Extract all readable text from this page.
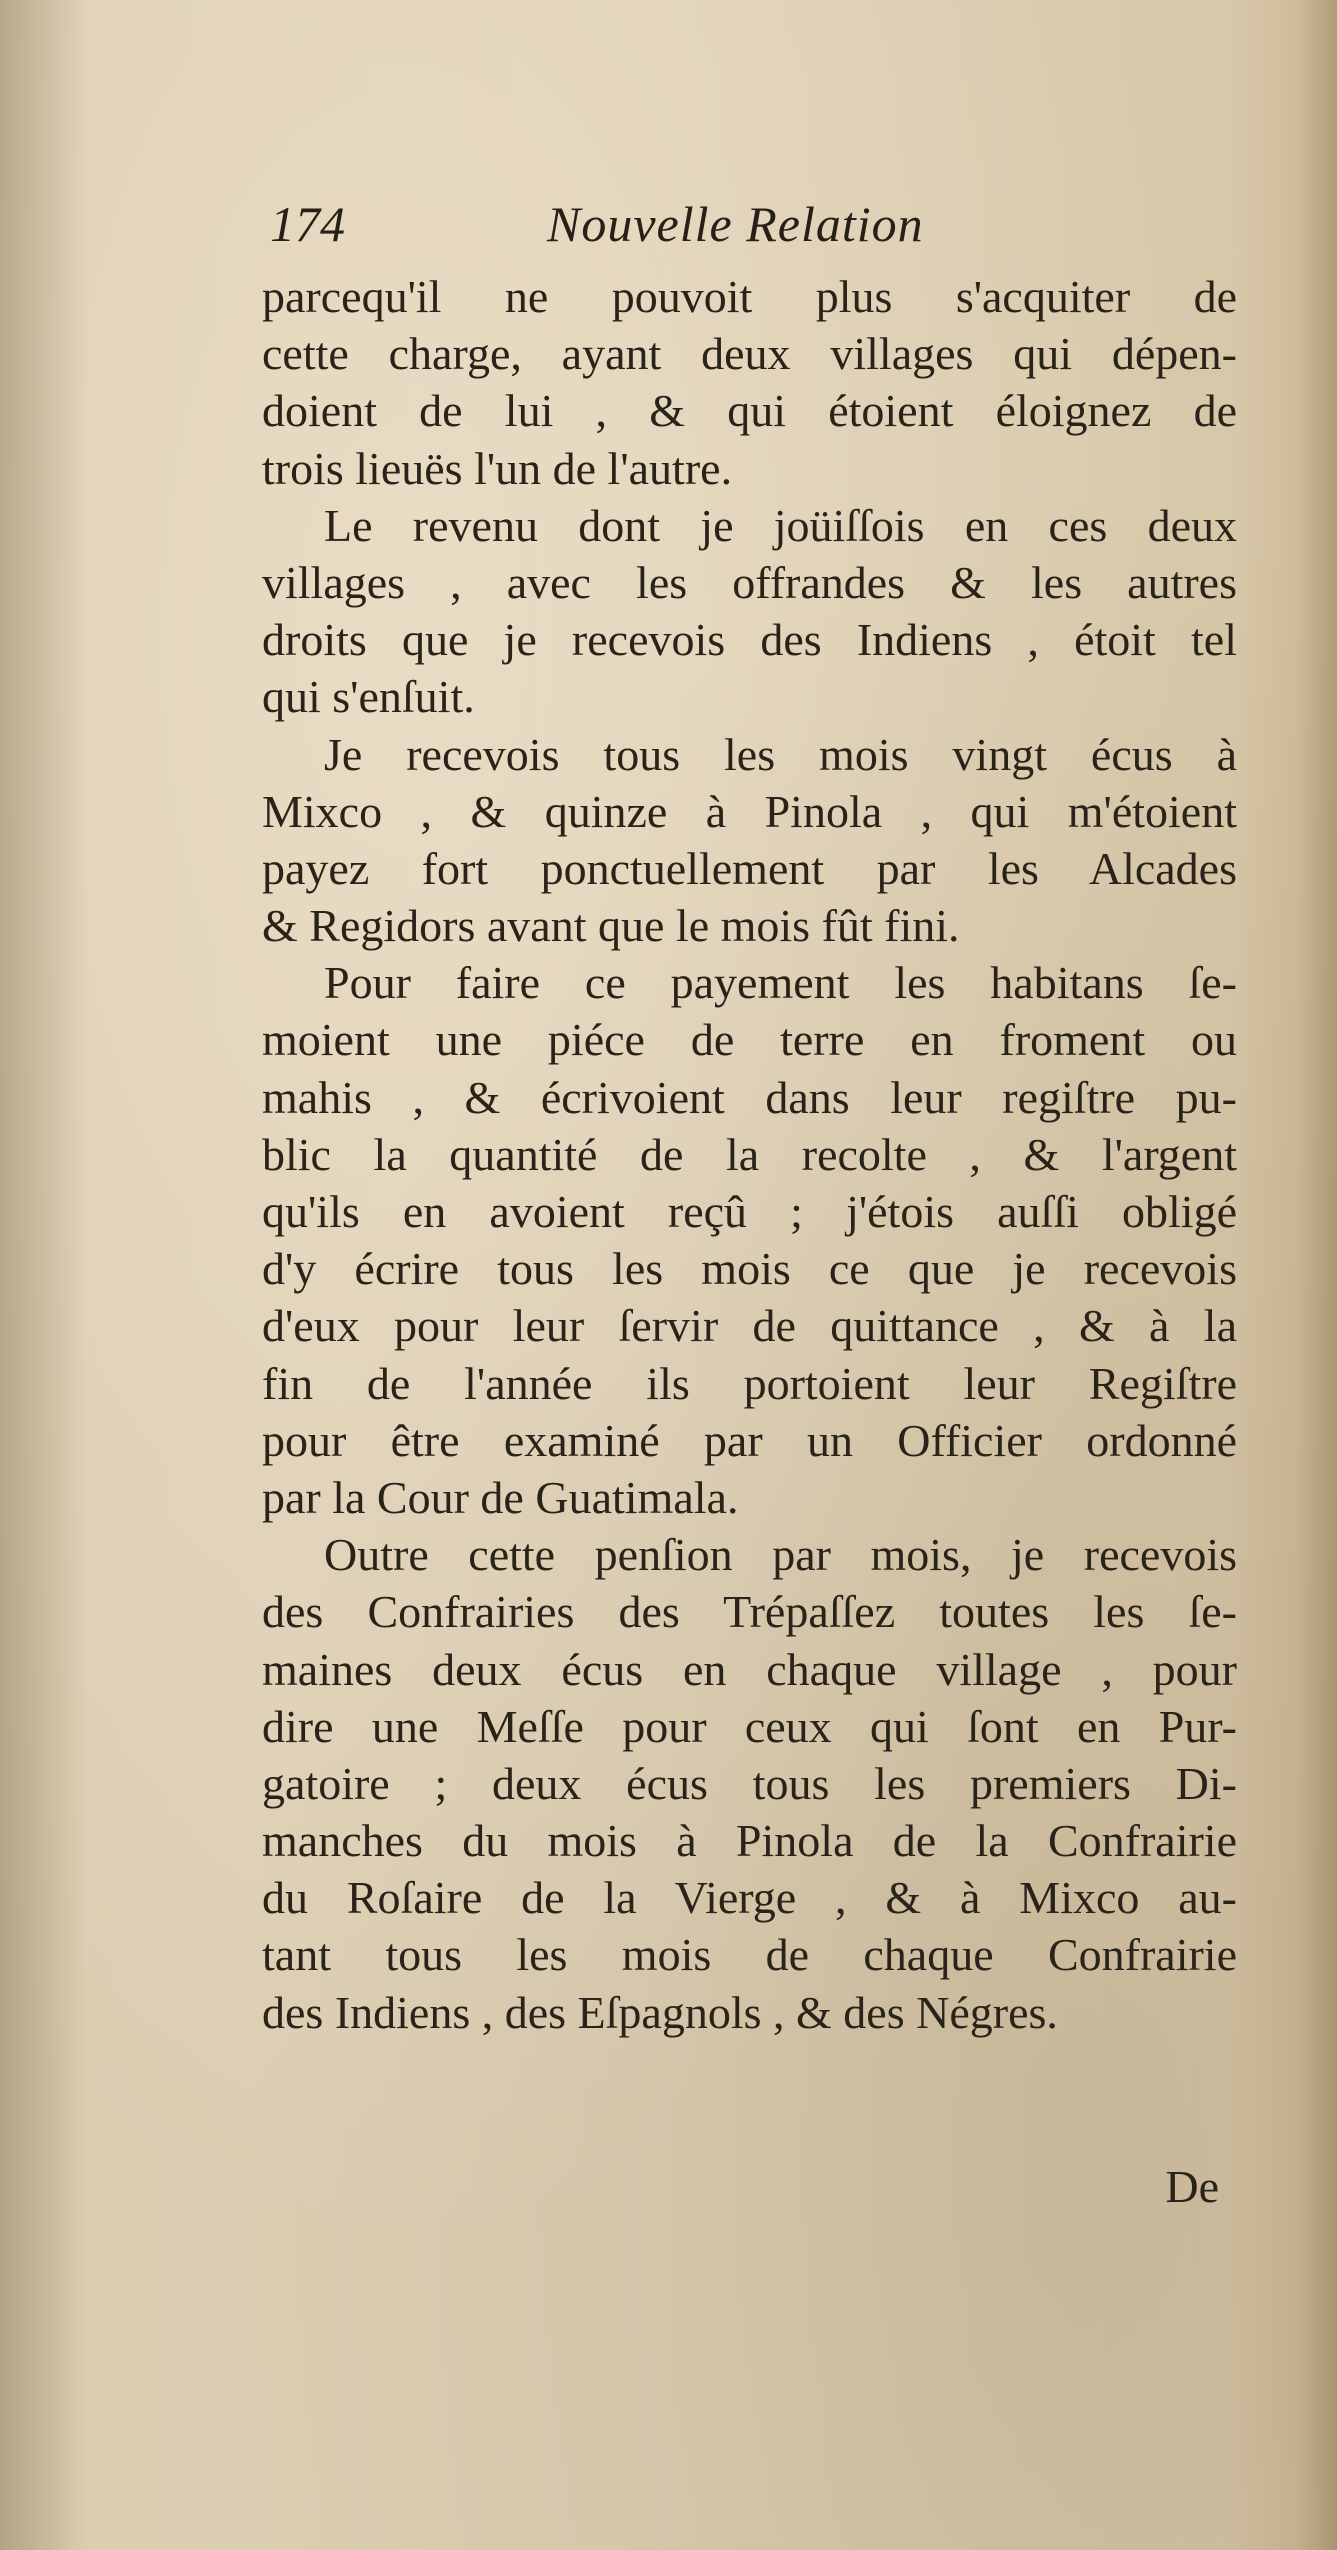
174	Nouvelle Relation
parcequ'il ne pouvoit plus s'acquiter de
cette charge, ayant deux villages qui dépen-
doient de lui , & qui étoient éloignez de
trois lieuës l'un de l'autre.
Le revenu dont je joüiſſois en ces deux
villages , avec les offrandes & les autres
droits que je recevois des Indiens , étoit tel
qui s'enſuit.
Je recevois tous les mois vingt écus à
Mixco , & quinze à Pinola , qui m'étoient
payez fort ponctuellement par les Alcades
& Regidors avant que le mois fût fini.
Pour faire ce payement les habitans ſe-
moient une piéce de terre en froment ou
mahis , & écrivoient dans leur regiſtre pu-
blic la quantité de la recolte , & l'argent
qu'ils en avoient reçû ; j'étois auſſi obligé
d'y écrire tous les mois ce que je recevois
d'eux pour leur ſervir de quittance , & à la
fin de l'année ils portoient leur Regiſtre
pour être examiné par un Officier ordonné
par la Cour de Guatimala.
Outre cette penſion par mois, je recevois
des Confrairies des Trépaſſez toutes les ſe-
maines deux écus en chaque village , pour
dire une Meſſe pour ceux qui ſont en Pur-
gatoire ; deux écus tous les premiers Di-
manches du mois à Pinola de la Confrairie
du Roſaire de la Vierge , & à Mixco au-
tant tous les mois de chaque Confrairie
des Indiens , des Eſpagnols , & des Négres.
De
